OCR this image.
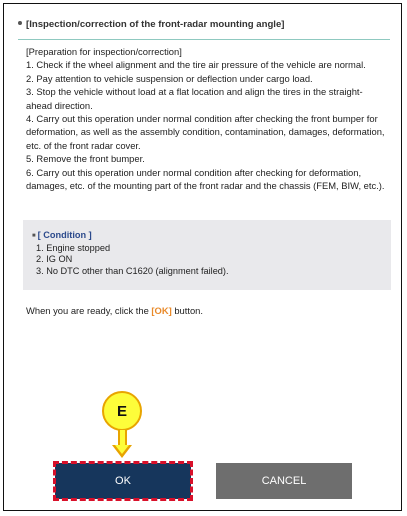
[Inspection/correction of the front-radar mounting angle]

[Preparation for inspection/correction]

1. Check if the wheel alignment and the tire air pressure of the vehicle are normal.

2. Pay attention to vehicle suspension or deflection under cargo load.

3. Stop the vehicle without load at a flat location and align the tires in the straight-ahead direction.

4. Carry out this operation under normal condition after checking the front bumper for deformation, as well as the assembly condition, contamination, damages, deformation, etc. of the front radar cover.

5. Remove the front bumper.

6. Carry out this operation under normal condition after checking for deformation, damages, etc. of the mounting part of the front radar and the chassis (FEM, BIW, etc.).

■ [ Condition ]
1. Engine stopped
2. IG ON
3. No DTC other than C1620 (alignment failed).
When you are ready, click the [OK] button.
E
OK	CANCEL
